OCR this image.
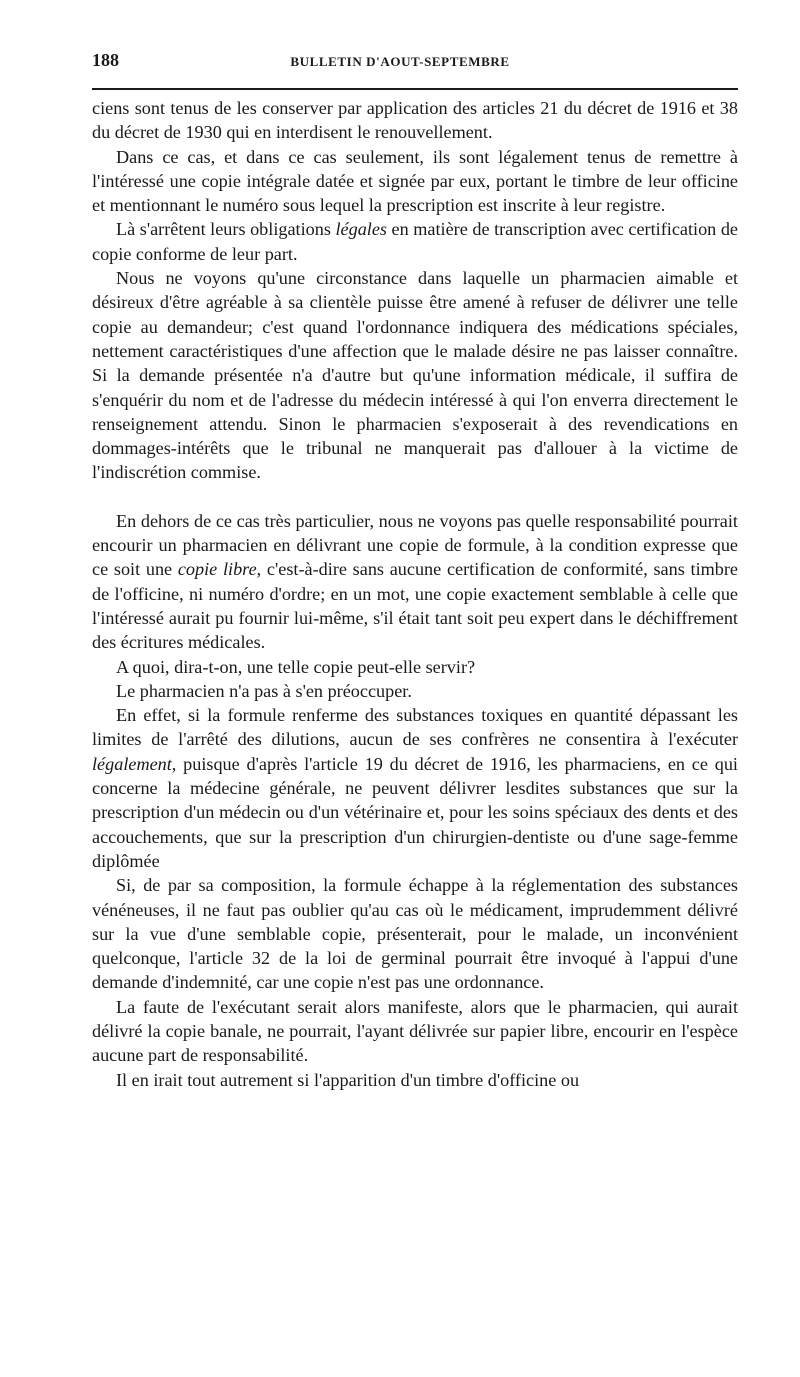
188	BULLETIN D'AOUT-SEPTEMBRE

ciens sont tenus de les conserver par application des articles 21 du décret de 1916 et 38 du décret de 1930 qui en interdisent le renouvellement.

Dans ce cas, et dans ce cas seulement, ils sont légalement tenus de remettre à l'intéressé une copie intégrale datée et signée par eux, portant le timbre de leur officine et mentionnant le numéro sous lequel la prescription est inscrite à leur registre.

Là s'arrêtent leurs obligations légales en matière de transcription avec certification de copie conforme de leur part.

Nous ne voyons qu'une circonstance dans laquelle un pharmacien aimable et désireux d'être agréable à sa clientèle puisse être amené à refuser de délivrer une telle copie au demandeur; c'est quand l'ordonnance indiquera des médications spéciales, nettement caractéristiques d'une affection que le malade désire ne pas laisser connaître. Si la demande présentée n'a d'autre but qu'une information médicale, il suffira de s'enquérir du nom et de l'adresse du médecin intéressé à qui l'on enverra directement le renseignement attendu. Sinon le pharmacien s'exposerait à des revendications en dommages-intérêts que le tribunal ne manquerait pas d'allouer à la victime de l'indiscrétion commise.

En dehors de ce cas très particulier, nous ne voyons pas quelle responsabilité pourrait encourir un pharmacien en délivrant une copie de formule, à la condition expresse que ce soit une copie libre, c'est-à-dire sans aucune certification de conformité, sans timbre de l'officine, ni numéro d'ordre; en un mot, une copie exactement semblable à celle que l'intéressé aurait pu fournir lui-même, s'il était tant soit peu expert dans le déchiffrement des écritures médicales.

A quoi, dira-t-on, une telle copie peut-elle servir?

Le pharmacien n'a pas à s'en préoccuper.

En effet, si la formule renferme des substances toxiques en quantité dépassant les limites de l'arrêté des dilutions, aucun de ses confrères ne consentira à l'exécuter légalement, puisque d'après l'article 19 du décret de 1916, les pharmaciens, en ce qui concerne la médecine générale, ne peuvent délivrer lesdites substances que sur la prescription d'un médecin ou d'un vétérinaire et, pour les soins spéciaux des dents et des accouchements, que sur la prescription d'un chirurgien-dentiste ou d'une sage-femme diplômée

Si, de par sa composition, la formule échappe à la réglementation des substances vénéneuses, il ne faut pas oublier qu'au cas où le médicament, imprudemment délivré sur la vue d'une semblable copie, présenterait, pour le malade, un inconvénient quelconque, l'article 32 de la loi de germinal pourrait être invoqué à l'appui d'une demande d'indemnité, car une copie n'est pas une ordonnance.

La faute de l'exécutant serait alors manifeste, alors que le pharmacien, qui aurait délivré la copie banale, ne pourrait, l'ayant délivrée sur papier libre, encourir en l'espèce aucune part de responsabilité.

Il en irait tout autrement si l'apparition d'un timbre d'officine ou
